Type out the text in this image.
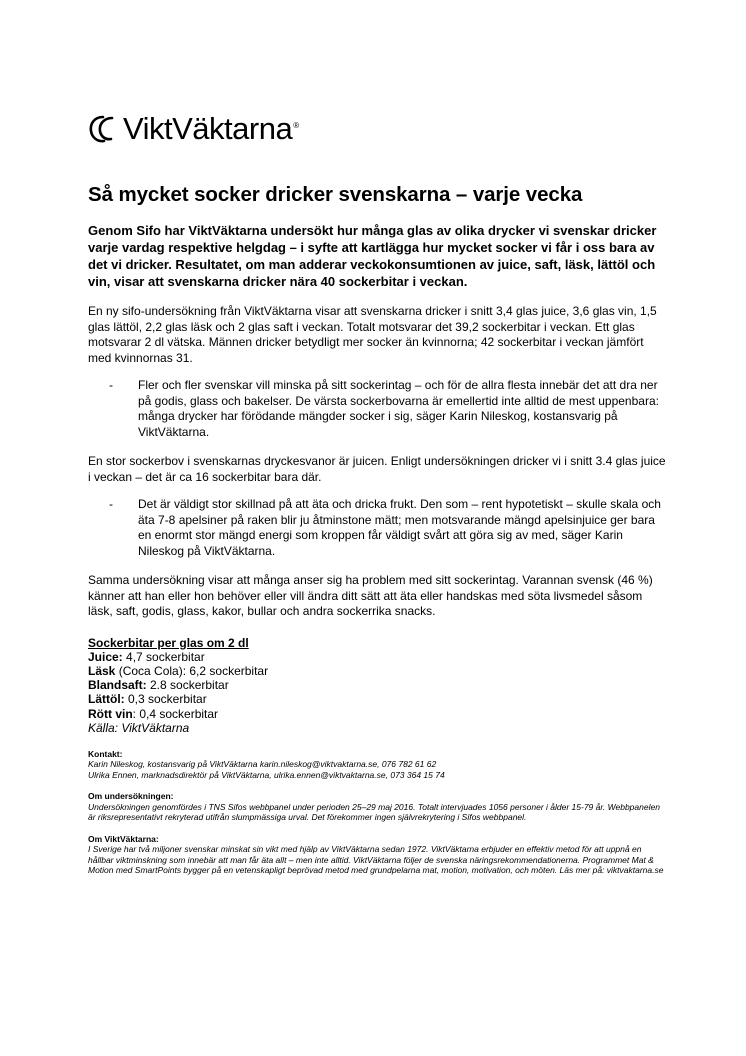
ViktVäktarna®
Så mycket socker dricker svenskarna – varje vecka

Genom Sifo har ViktVäktarna undersökt hur många glas av olika drycker vi svenskar dricker varje vardag respektive helgdag – i syfte att kartlägga hur mycket socker vi får i oss bara av det vi dricker. Resultatet, om man adderar veckokonsumtionen av juice, saft, läsk, lättöl och vin, visar att svenskarna dricker nära 40 sockerbitar i veckan.

En ny sifo-undersökning från ViktVäktarna visar att svenskarna dricker i snitt 3,4 glas juice, 3,6 glas vin, 1,5 glas lättöl, 2,2 glas läsk och 2 glas saft i veckan. Totalt motsvarar det 39,2 sockerbitar i veckan. Ett glas motsvarar 2 dl vätska. Männen dricker betydligt mer socker än kvinnorna; 42 sockerbitar i veckan jämfört med kvinnornas 31.

-	Fler och fler svenskar vill minska på sitt sockerintag – och för de allra flesta innebär det att dra ner på godis, glass och bakelser. De värsta sockerbovarna är emellertid inte alltid de mest uppenbara: många drycker har förödande mängder socker i sig, säger Karin Nileskog, kostansvarig på ViktVäktarna.

En stor sockerbov i svenskarnas dryckesvanor är juicen. Enligt undersökningen dricker vi i snitt 3.4 glas juice i veckan – det är ca 16 sockerbitar bara där.

-	Det är väldigt stor skillnad på att äta och dricka frukt. Den som – rent hypotetiskt – skulle skala och äta 7-8 apelsiner på raken blir ju åtminstone mätt; men motsvarande mängd apelsinjuice ger bara en enormt stor mängd energi som kroppen får väldigt svårt att göra sig av med, säger Karin Nileskog på ViktVäktarna.

Samma undersökning visar att många anser sig ha problem med sitt sockerintag. Varannan svensk (46 %) känner att han eller hon behöver eller vill ändra ditt sätt att äta eller handskas med söta livsmedel såsom läsk, saft, godis, glass, kakor, bullar och andra sockerrika snacks.

Sockerbitar per glas om 2 dl
Juice: 4,7 sockerbitar
Läsk (Coca Cola): 6,2 sockerbitar
Blandsaft: 2.8 sockerbitar
Lättöl: 0,3 sockerbitar
Rött vin: 0,4 sockerbitar
Källa: ViktVäktarna
Kontakt:
Karin Nileskog, kostansvarig på ViktVäktarna karin.nileskog@viktvaktarna.se, 076 782 61 62
Ulrika Ennen, marknadsdirektör på ViktVäktarna, ulrika.ennen@viktvaktarna.se, 073 364 15 74
Om undersökningen:
Undersökningen genomfördes i TNS Sifos webbpanel under perioden 25–29 maj 2016. Totalt intervjuades 1056 personer i ålder 15-79 år. Webbpanelen är riksrepresentativt rekryterad utifrån slumpmässiga urval. Det förekommer ingen självrekrytering i Sifos webbpanel.
Om ViktVäktarna:
I Sverige har två miljoner svenskar minskat sin vikt med hjälp av ViktVäktarna sedan 1972. ViktVäktarna erbjuder en effektiv metod för att uppnå en hållbar viktminskning som innebär att man får äta allt – men inte alltid. ViktVäktarna följer de svenska näringsrekommendationerna. Programmet Mat & Motion med SmartPoints bygger på en vetenskapligt beprövad metod med grundpelarna mat, motion, motivation, och möten. Läs mer på: viktvaktarna.se
